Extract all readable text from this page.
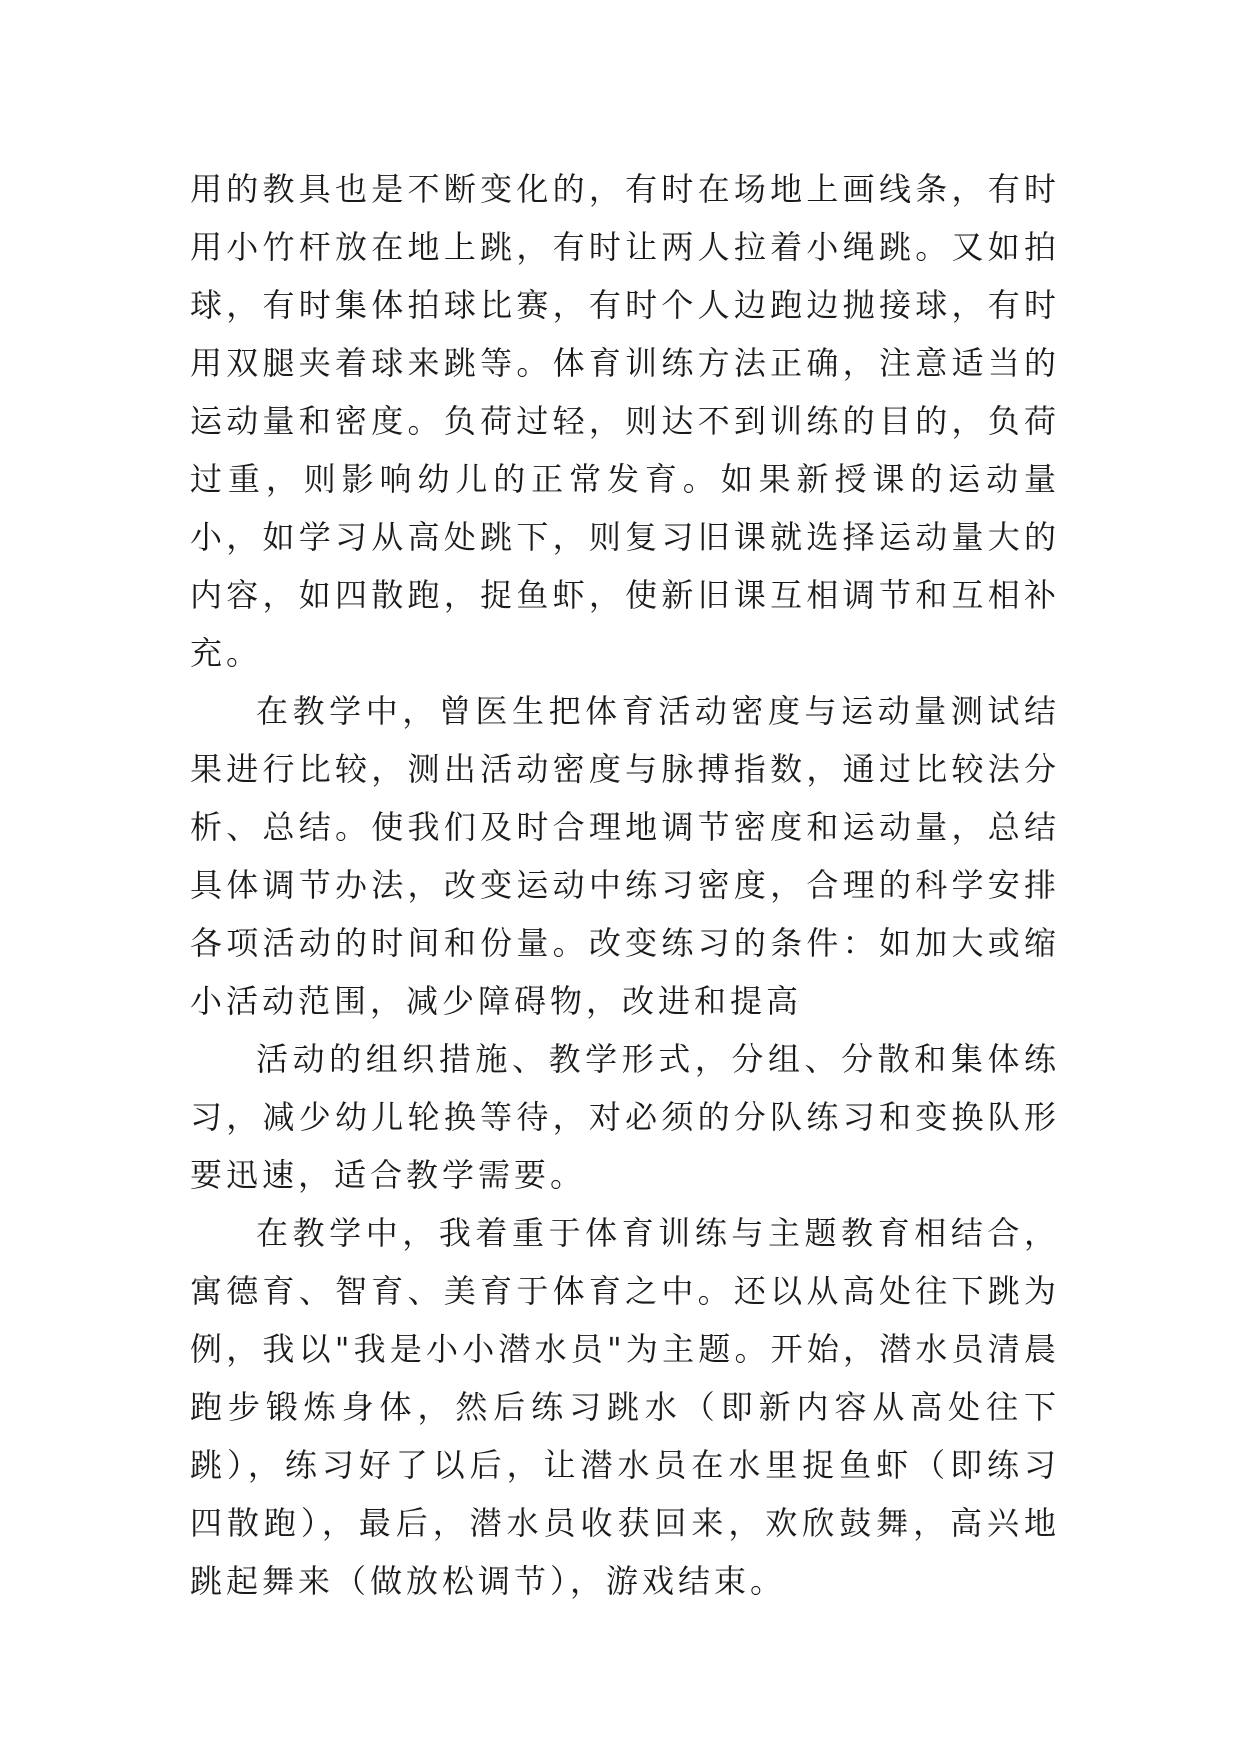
用的教具也是不断变化的，有时在场地上画线条，有时用小竹杆放在地上跳，有时让两人拉着小绳跳。又如拍球，有时集体拍球比赛，有时个人边跑边抛接球，有时用双腿夹着球来跳等。体育训练方法正确，注意适当的运动量和密度。负荷过轻，则达不到训练的目的，负荷过重，则影响幼儿的正常发育。如果新授课的运动量小，如学习从高处跳下，则复习旧课就选择运动量大的内容，如四散跑，捉鱼虾，使新旧课互相调节和互相补充。

在教学中，曾医生把体育活动密度与运动量测试结果进行比较，测出活动密度与脉搏指数，通过比较法分析、总结。使我们及时合理地调节密度和运动量，总结具体调节办法，改变运动中练习密度，合理的科学安排各项活动的时间和份量。改变练习的条件：如加大或缩小活动范围，减少障碍物，改进和提高

活动的组织措施、教学形式，分组、分散和集体练习，减少幼儿轮换等待，对必须的分队练习和变换队形要迅速，适合教学需要。

在教学中，我着重于体育训练与主题教育相结合，寓德育、智育、美育于体育之中。还以从高处往下跳为例，我以"我是小小潜水员"为主题。开始，潜水员清晨跑步锻炼身体，然后练习跳水（即新内容从高处往下跳），练习好了以后，让潜水员在水里捉鱼虾（即练习四散跑），最后，潜水员收获回来，欢欣鼓舞，高兴地跳起舞来（做放松调节），游戏结束。
